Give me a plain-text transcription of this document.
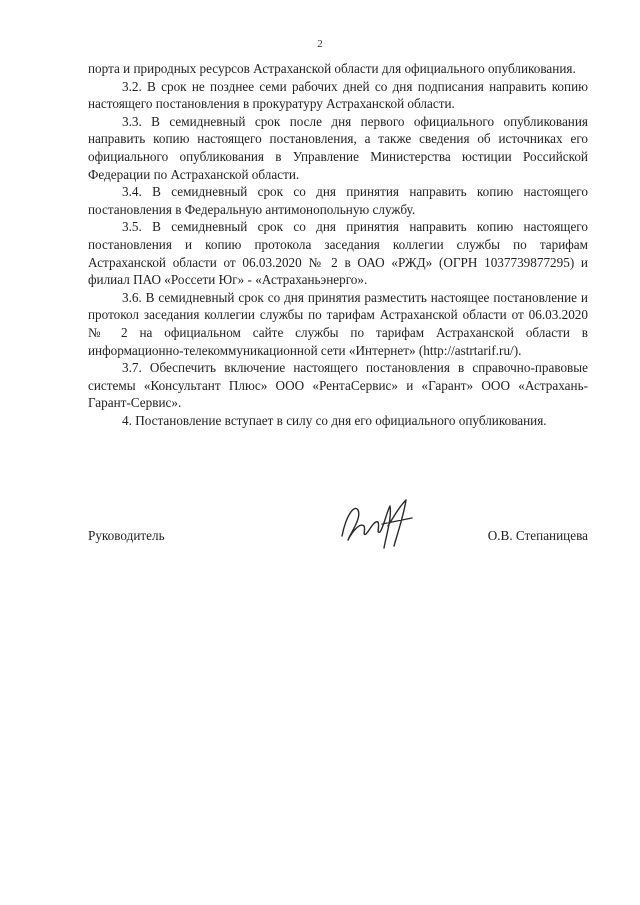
2

порта и природных ресурсов Астраханской области для официального опубликования.

3.2. В срок не позднее семи рабочих дней со дня подписания направить копию настоящего постановления в прокуратуру Астраханской области.

3.3. В семидневный срок после дня первого официального опубликования направить копию настоящего постановления, а также сведения об источниках его официального опубликования в Управление Министерства юстиции Российской Федерации по Астраханской области.

3.4. В семидневный срок со дня принятия направить копию настоящего постановления в Федеральную антимонопольную службу.

3.5. В семидневный срок со дня принятия направить копию настоящего постановления и копию протокола заседания коллегии службы по тарифам Астраханской области от 06.03.2020 № 2 в ОАО «РЖД» (ОГРН 1037739877295) и филиал ПАО «Россети Юг» - «Астраханьэнерго».

3.6. В семидневный срок со дня принятия разместить настоящее постановление и протокол заседания коллегии службы по тарифам Астраханской области от 06.03.2020 № 2 на официальном сайте службы по тарифам Астраханской области в информационно-телекоммуникационной сети «Интернет» (http://astrtarif.ru/).

3.7. Обеспечить включение настоящего постановления в справочно-правовые системы «Консультант Плюс» ООО «РентаСервис» и «Гарант» ООО «Астрахань-Гарант-Сервис».

4. Постановление вступает в силу со дня его официального опубликования.

Руководитель	О.В. Степаницева
